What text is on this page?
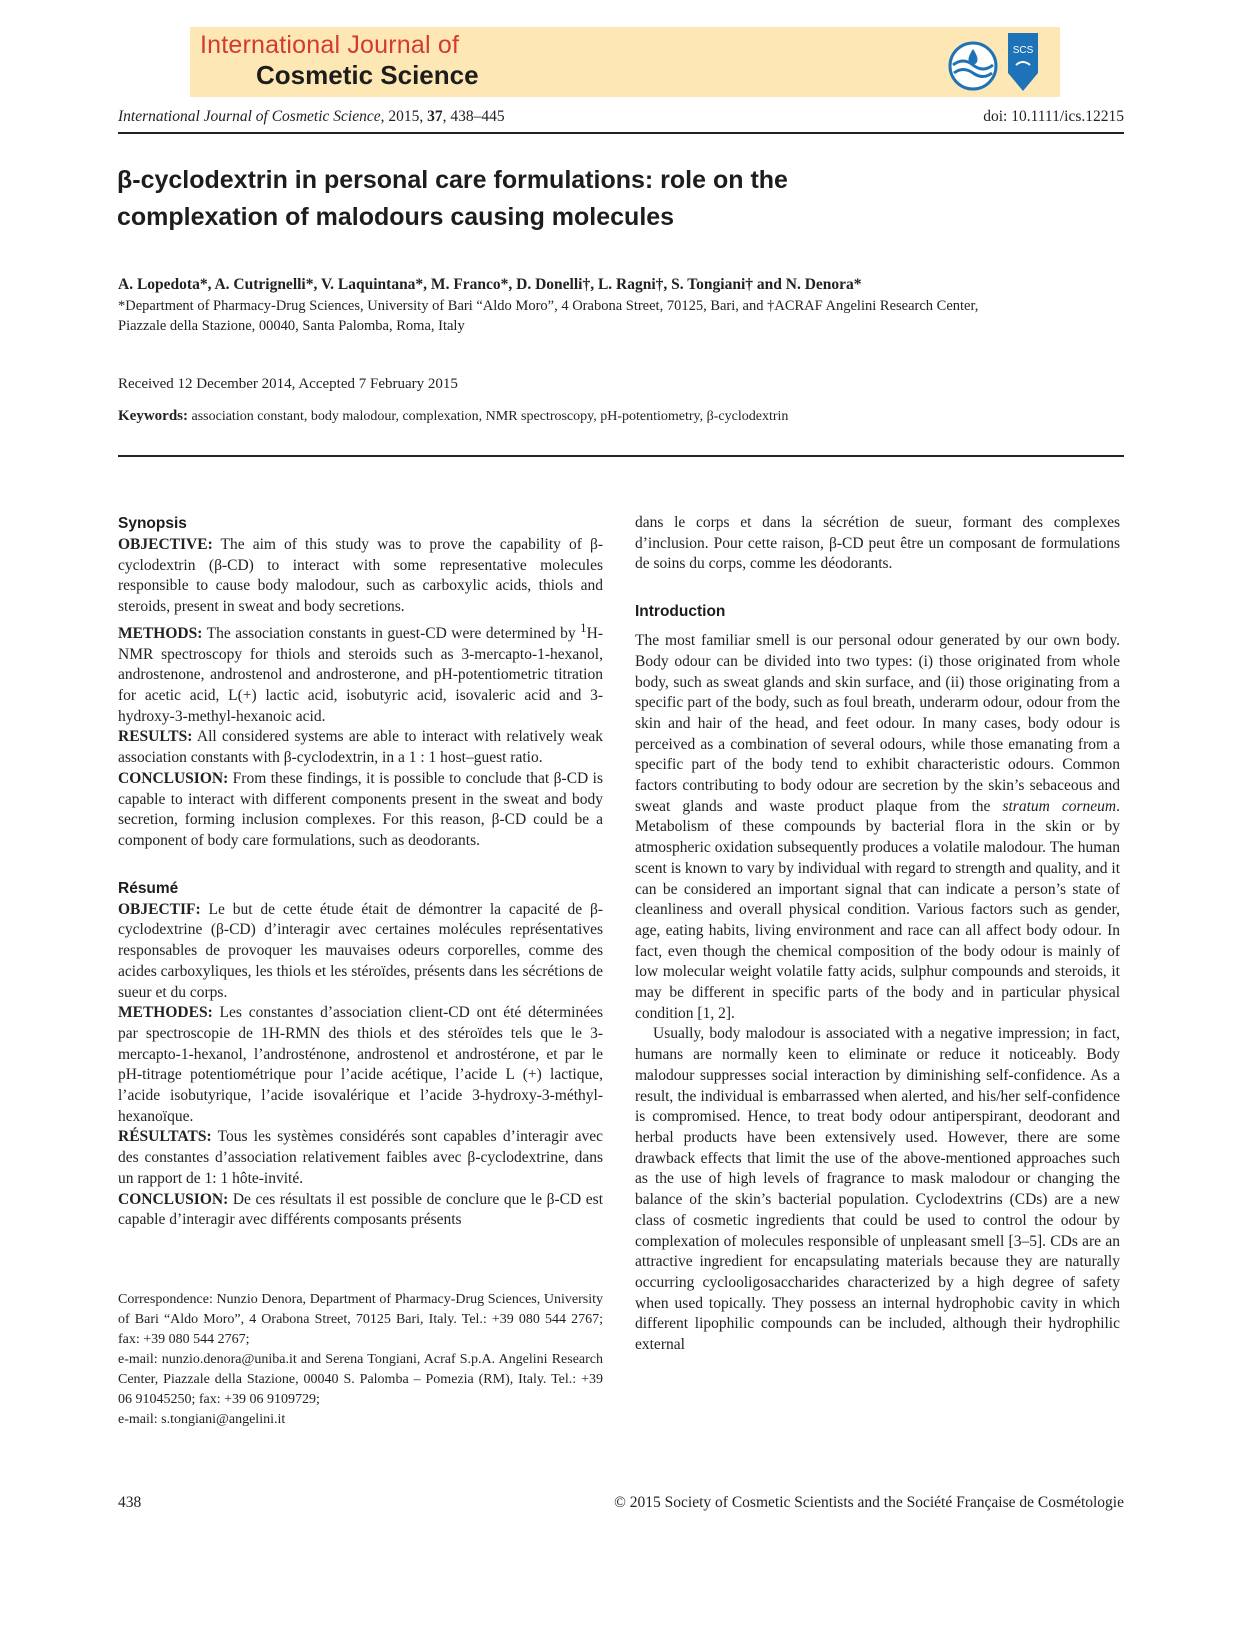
International Journal of
Cosmetic Science
SCS
International Journal of Cosmetic Science, 2015, 37, 438–445	doi: 10.1111/ics.12215
β-cyclodextrin in personal care formulations: role on the
complexation of malodours causing molecules

A. Lopedota*, A. Cutrignelli*, V. Laquintana*, M. Franco*, D. Donelli†, L. Ragni†, S. Tongiani† and N. Denora*

*Department of Pharmacy-Drug Sciences, University of Bari “Aldo Moro”, 4 Orabona Street, 70125, Bari, and †ACRAF Angelini Research Center,
Piazzale della Stazione, 00040, Santa Palomba, Roma, Italy

Received 12 December 2014, Accepted 7 February 2015

Keywords: association constant, body malodour, complexation, NMR spectroscopy, pH-potentiometry, β-cyclodextrin

Synopsis

OBJECTIVE: The aim of this study was to prove the capability of β-cyclodextrin (β-CD) to interact with some representative molecules responsible to cause body malodour, such as carboxylic acids, thiols and steroids, present in sweat and body secretions.

METHODS: The association constants in guest-CD were determined by $^1$H-NMR spectroscopy for thiols and steroids such as 3-mercapto-1-hexanol, androstenone, androstenol and androsterone, and pH-potentiometric titration for acetic acid, L(+) lactic acid, isobutyric acid, isovaleric acid and 3-hydroxy-3-methyl-hexanoic acid.

RESULTS: All considered systems are able to interact with relatively weak association constants with β-cyclodextrin, in a 1 : 1 host–guest ratio.

CONCLUSION: From these findings, it is possible to conclude that β-CD is capable to interact with different components present in the sweat and body secretion, forming inclusion complexes. For this reason, β-CD could be a component of body care formulations, such as deodorants.

Résumé

OBJECTIF: Le but de cette étude était de démontrer la capacité de β-cyclodextrine (β-CD) d’interagir avec certaines molécules représentatives responsables de provoquer les mauvaises odeurs corporelles, comme des acides carboxyliques, les thiols et les stéroïdes, présents dans les sécrétions de sueur et du corps.

METHODES: Les constantes d’association client-CD ont été déterminées par spectroscopie de 1H-RMN des thiols et des stéroïdes tels que le 3-mercapto-1-hexanol, l’androsténone, androstenol et androstérone, et par le pH-titrage potentiométrique pour l’acide acétique, l’acide L (+) lactique, l’acide isobutyrique, l’acide isovalérique et l’acide 3-hydroxy-3-méthyl-hexanoïque.

RÉSULTATS: Tous les systèmes considérés sont capables d’interagir avec des constantes d’association relativement faibles avec β-cyclodextrine, dans un rapport de 1: 1 hôte-invité.

CONCLUSION: De ces résultats il est possible de conclure que le β-CD est capable d’interagir avec différents composants présents

Correspondence: Nunzio Denora, Department of Pharmacy-Drug Sciences, University of Bari “Aldo Moro”, 4 Orabona Street, 70125 Bari, Italy. Tel.: +39 080 544 2767; fax: +39 080 544 2767;

e-mail: nunzio.denora@uniba.it and Serena Tongiani, Acraf S.p.A. Angelini Research Center, Piazzale della Stazione, 00040 S. Palomba – Pomezia (RM), Italy. Tel.: +39 06 91045250; fax: +39 06 9109729;

e-mail: s.tongiani@angelini.it

dans le corps et dans la sécrétion de sueur, formant des complexes d’inclusion. Pour cette raison, β-CD peut être un composant de formulations de soins du corps, comme les déodorants.

Introduction

The most familiar smell is our personal odour generated by our own body. Body odour can be divided into two types: (i) those originated from whole body, such as sweat glands and skin surface, and (ii) those originating from a specific part of the body, such as foul breath, underarm odour, odour from the skin and hair of the head, and feet odour. In many cases, body odour is perceived as a combination of several odours, while those emanating from a specific part of the body tend to exhibit characteristic odours. Common factors contributing to body odour are secretion by the skin’s sebaceous and sweat glands and waste product plaque from the stratum corneum. Metabolism of these compounds by bacterial flora in the skin or by atmospheric oxidation subsequently produces a volatile malodour. The human scent is known to vary by individual with regard to strength and quality, and it can be considered an important signal that can indicate a person’s state of cleanliness and overall physical condition. Various factors such as gender, age, eating habits, living environment and race can all affect body odour. In fact, even though the chemical composition of the body odour is mainly of low molecular weight volatile fatty acids, sulphur compounds and steroids, it may be different in specific parts of the body and in particular physical condition [1, 2].

Usually, body malodour is associated with a negative impression; in fact, humans are normally keen to eliminate or reduce it noticeably. Body malodour suppresses social interaction by diminishing self-confidence. As a result, the individual is embarrassed when alerted, and his/her self-confidence is compromised. Hence, to treat body odour antiperspirant, deodorant and herbal products have been extensively used. However, there are some drawback effects that limit the use of the above-mentioned approaches such as the use of high levels of fragrance to mask malodour or changing the balance of the skin’s bacterial population. Cyclodextrins (CDs) are a new class of cosmetic ingredients that could be used to control the odour by complexation of molecules responsible of unpleasant smell [3–5]. CDs are an attractive ingredient for encapsulating materials because they are naturally occurring cyclooligosaccharides characterized by a high degree of safety when used topically. They possess an internal hydrophobic cavity in which different lipophilic compounds can be included, although their hydrophilic external

438	© 2015 Society of Cosmetic Scientists and the Société Française de Cosmétologie
